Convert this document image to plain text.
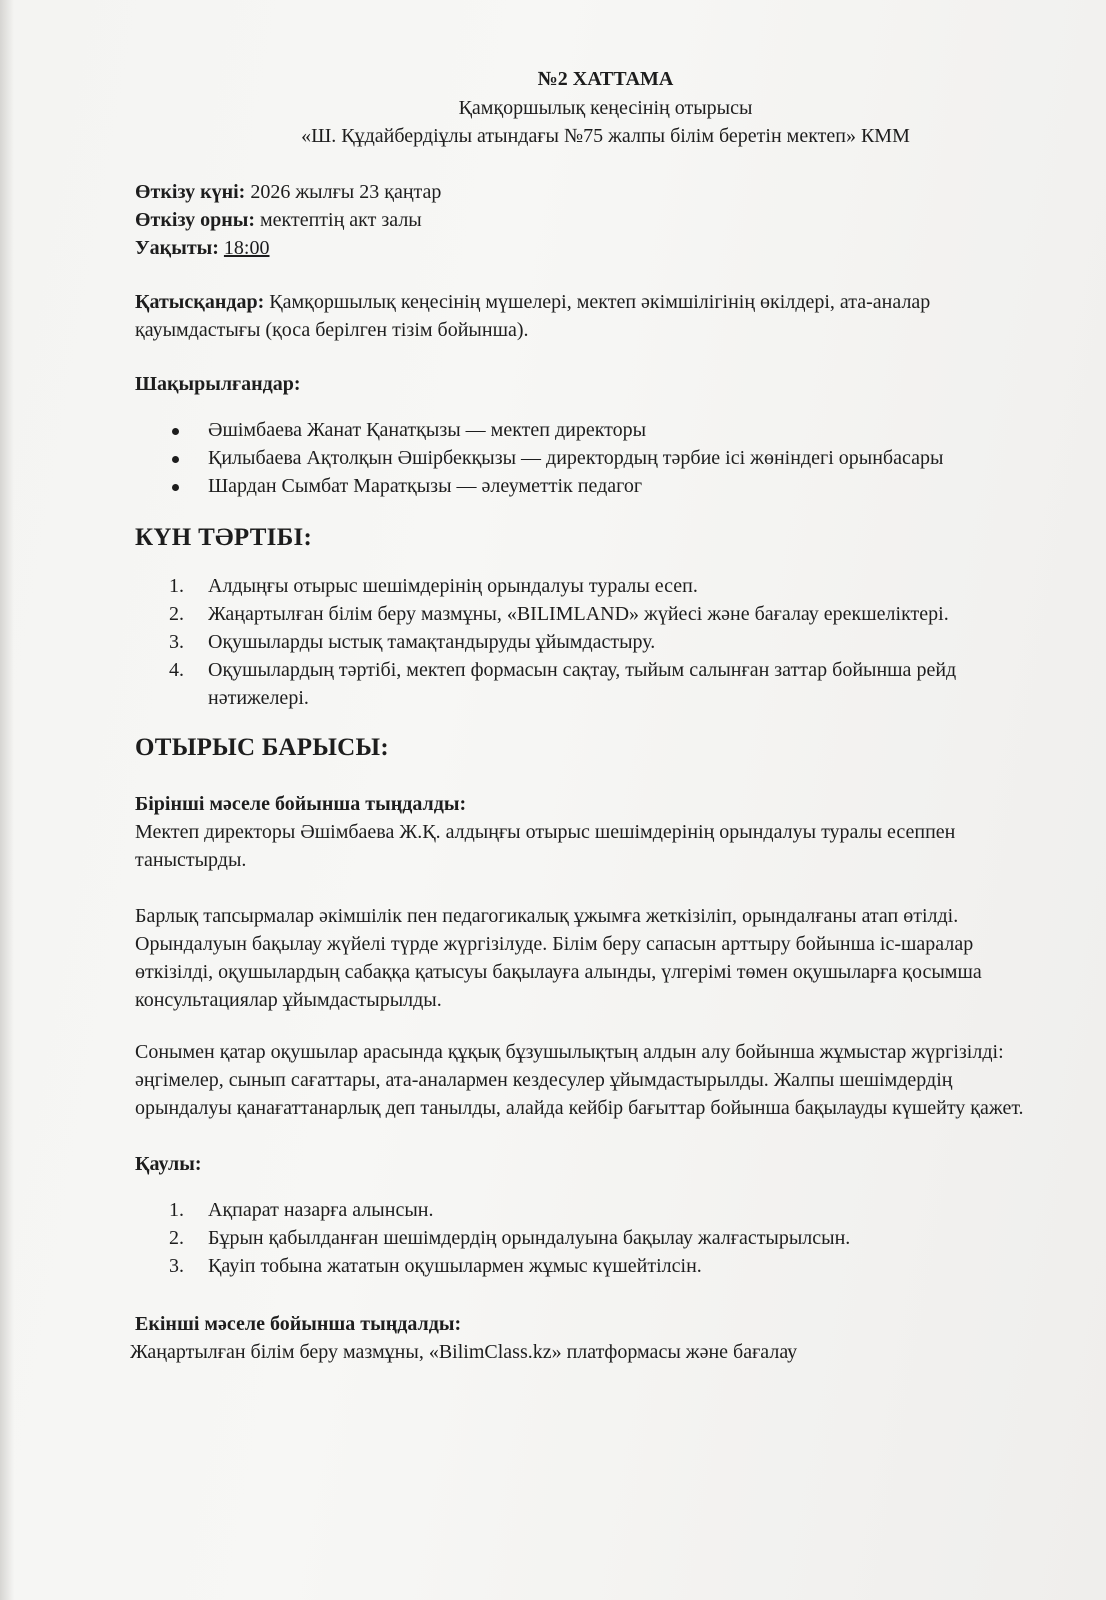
№2 ХАТТАМА
Қамқоршылық кеңесінің отырысы
«Ш. Құдайбердіұлы атындағы №75 жалпы білім беретін мектеп» КММ
Өткізу күні: 2026 жылғы 23 қаңтар
Өткізу орны: мектептің акт залы
Уақыты: 18:00

Қатысқандар: Қамқоршылық кеңесінің мүшелері, мектеп әкімшілігінің өкілдері, ата-аналар қауымдастығы (қоса берілген тізім бойынша).

Шақырылғандар:

Әшімбаева Жанат Қанатқызы — мектеп директоры
Қилыбаева Ақтолқын Әшірбекқызы — директордың тәрбие ісі жөніндегі орынбасары
Шардан Сымбат Маратқызы — әлеуметтік педагог

КҮН ТӘРТІБІ:

1. Алдыңғы отырыс шешімдерінің орындалуы туралы есеп.
2. Жаңартылған білім беру мазмұны, «BILIMLAND» жүйесі және бағалау ерекшеліктері.
3. Оқушыларды ыстық тамақтандыруды ұйымдастыру.
4. Оқушылардың тәртібі, мектеп формасын сақтау, тыйым салынған заттар бойынша рейд нәтижелері.

ОТЫРЫС БАРЫСЫ:

Бірінші мәселе бойынша тыңдалды:

Мектеп директоры Әшімбаева Ж.Қ. алдыңғы отырыс шешімдерінің орындалуы туралы есеппен таныстырды.

Барлық тапсырмалар әкімшілік пен педагогикалық ұжымға жеткізіліп, орындалғаны атап өтілді. Орындалуын бақылау жүйелі түрде жүргізілуде. Білім беру сапасын арттыру бойынша іс-шаралар өткізілді, оқушылардың сабаққа қатысуы бақылауға алынды, үлгерімі төмен оқушыларға қосымша консультациялар ұйымдастырылды.

Сонымен қатар оқушылар арасында құқық бұзушылықтың алдын алу бойынша жұмыстар жүргізілді: әңгімелер, сынып сағаттары, ата-аналармен кездесулер ұйымдастырылды. Жалпы шешімдердің орындалуы қанағаттанарлық деп танылды, алайда кейбір бағыттар бойынша бақылауды күшейту қажет.

Қаулы:

1. Ақпарат назарға алынсын.
2. Бұрын қабылданған шешімдердің орындалуына бақылау жалғастырылсын.
3. Қауіп тобына жататын оқушылармен жұмыс күшейтілсін.

Екінші мәселе бойынша тыңдалды:

Жаңартылған білім беру мазмұны, «BilimClass.kz» платформасы және бағалау
